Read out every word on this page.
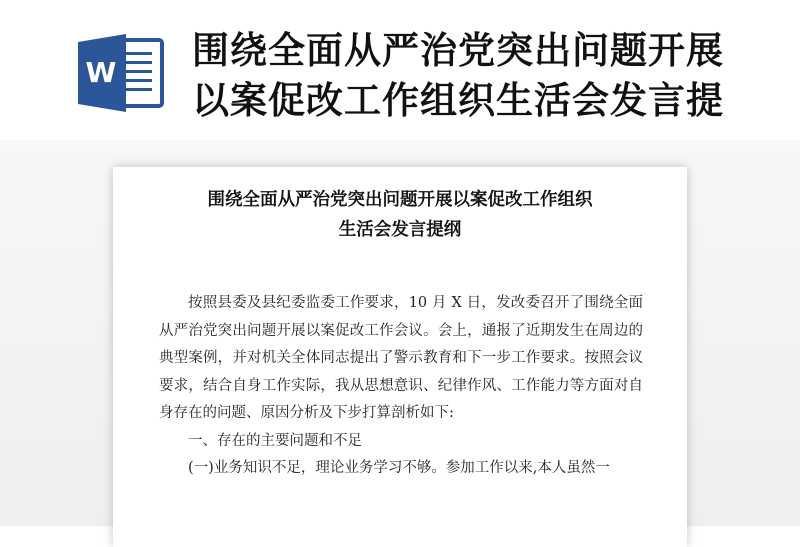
W
围绕全面从严治党突出问题开展
以案促改工作组织生活会发言提
围绕全面从严治党突出问题开展以案促改工作组织
生活会发言提纲

按照县委及县纪委监委工作要求，10 月 X 日，发改委召开了围绕全面从严治党突出问题开展以案促改工作会议。会上，通报了近期发生在周边的典型案例，并对机关全体同志提出了警示教育和下一步工作要求。按照会议要求，结合自身工作实际，我从思想意识、纪律作风、工作能力等方面对自身存在的问题、原因分析及下步打算剖析如下:

一、存在的主要问题和不足

(一)业务知识不足，理论业务学习不够。参加工作以来,本人虽然一
